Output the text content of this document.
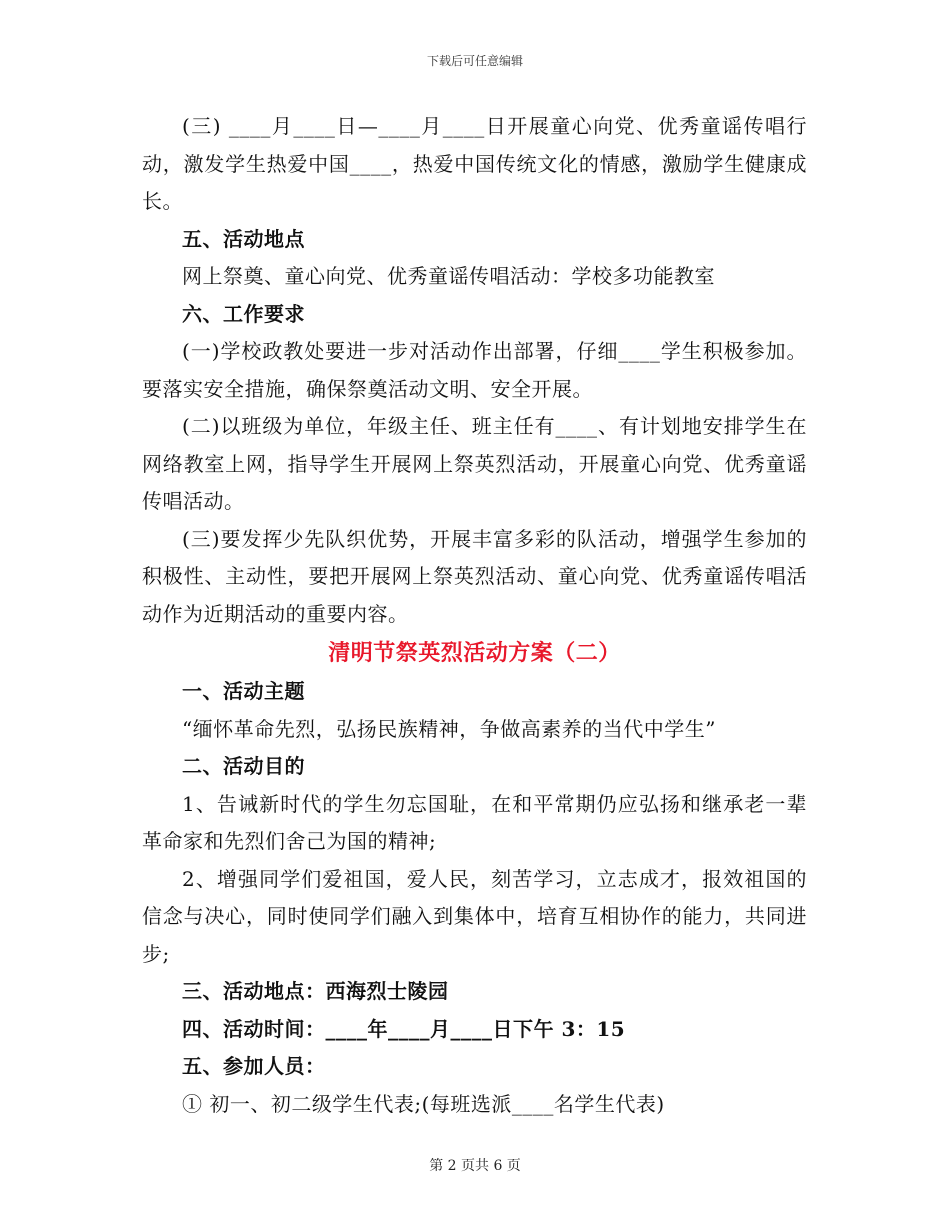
下载后可任意编辑

(三) ____月____日—____月____日开展童心向党、优秀童谣传唱行动，激发学生热爱中国____，热爱中国传统文化的情感，激励学生健康成长。

五、活动地点

网上祭奠、童心向党、优秀童谣传唱活动：学校多功能教室

六、工作要求

(一)学校政教处要进一步对活动作出部署，仔细____学生积极参加。要落实安全措施，确保祭奠活动文明、安全开展。

(二)以班级为单位，年级主任、班主任有____、有计划地安排学生在网络教室上网，指导学生开展网上祭英烈活动，开展童心向党、优秀童谣传唱活动。

(三)要发挥少先队织优势，开展丰富多彩的队活动，增强学生参加的积极性、主动性，要把开展网上祭英烈活动、童心向党、优秀童谣传唱活动作为近期活动的重要内容。

清明节祭英烈活动方案（二）

一、活动主题

“缅怀革命先烈，弘扬民族精神，争做高素养的当代中学生”

二、活动目的

1、告诫新时代的学生勿忘国耻，在和平常期仍应弘扬和继承老一辈革命家和先烈们舍己为国的精神;

2、增强同学们爱祖国，爱人民，刻苦学习，立志成才，报效祖国的信念与决心，同时使同学们融入到集体中，培育互相协作的能力，共同进步;

三、活动地点：西海烈士陵园

四、活动时间：____年____月____日下午 3：15

五、参加人员：

① 初一、初二级学生代表;(每班选派____名学生代表)

第 2 页共 6 页
